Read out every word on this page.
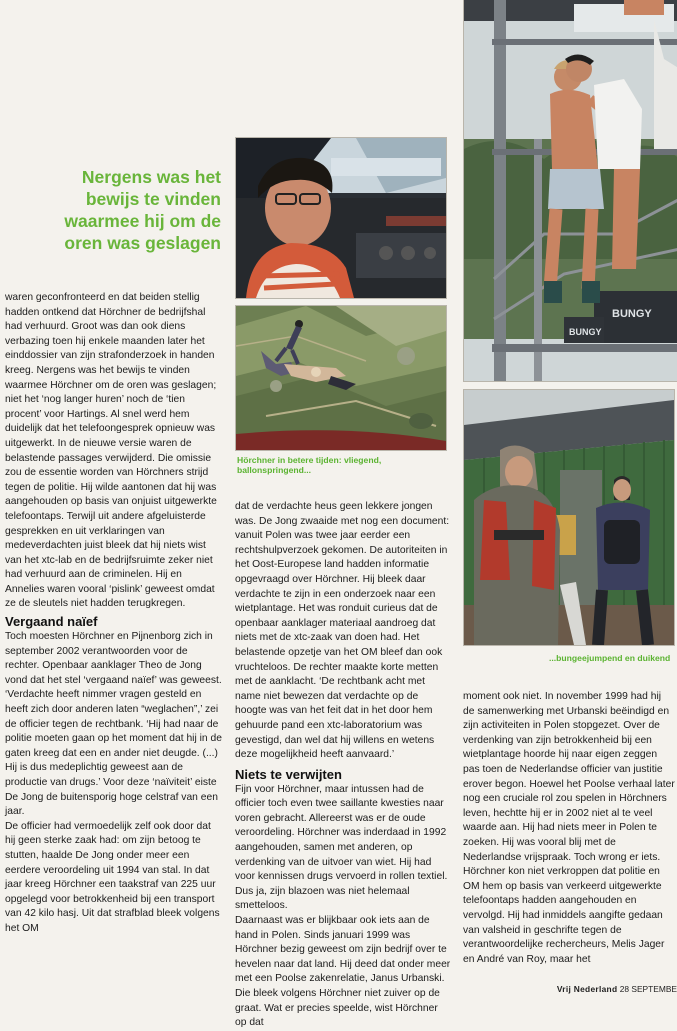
Nergens was het bewijs te vinden waarmee hij om de oren was geslagen
Hörchner in betere tijden: vliegend, ballonspringend...
BUNGY
BUNGY
...bungeejumpend en duikend

waren geconfronteerd en dat beiden stellig hadden ontkend dat Hörchner de bedrijfshal had verhuurd. Groot was dan ook diens verbazing toen hij enkele maanden later het einddossier van zijn strafonderzoek in handen kreeg. Nergens was het bewijs te vinden waarmee Hörchner om de oren was geslagen; niet het ‘nog langer huren’ noch de ‘tien procent’ voor Hartings. Al snel werd hem duidelijk dat het telefoongesprek opnieuw was uitgewerkt. In de nieuwe versie waren de belastende passages verwijderd. Die omissie zou de essentie worden van Hörchners strijd tegen de politie. Hij wilde aantonen dat hij was aangehouden op basis van onjuist uitgewerkte telefoontaps. Terwijl uit andere afgeluisterde gesprekken en uit verklaringen van medeverdachten juist bleek dat hij niets wist van het xtc-lab en de bedrijfsruimte zeker niet had verhuurd aan de criminelen. Hij en Annelies waren vooral ‘pislink’ geweest omdat ze de sleutels niet hadden terugkregen.

Vergaand naïef

Toch moesten Hörchner en Pijnenborg zich in september 2002 verantwoorden voor de rechter. Openbaar aanklager Theo de Jong vond dat het stel ‘vergaand naïef’ was geweest. ‘Verdachte heeft nimmer vragen gesteld en heeft zich door anderen laten “weglachen”,’ zei de officier tegen de rechtbank. ‘Hij had naar de politie moeten gaan op het moment dat hij in de gaten kreeg dat een en ander niet deugde. (...) Hij is dus medeplichtig geweest aan de productie van drugs.’ Voor deze ‘naïviteit’ eiste De Jong de buitensporig hoge celstraf van een jaar.

De officier had vermoedelijk zelf ook door dat hij geen sterke zaak had: om zijn betoog te stutten, haalde De Jong onder meer een eerdere veroordeling uit 1994 van stal. In dat jaar kreeg Hörchner een taakstraf van 225 uur opgelegd voor betrokkenheid bij een transport van 42 kilo hasj. Uit dat strafblad bleek volgens het OM

dat de verdachte heus geen lekkere jongen was. De Jong zwaaide met nog een document: vanuit Polen was twee jaar eerder een rechtshulpverzoek gekomen. De autoriteiten in het Oost-Europese land hadden informatie opgevraagd over Hörchner. Hij bleek daar verdachte te zijn in een onderzoek naar een wietplantage. Het was ronduit curieus dat de openbaar aanklager materiaal aandroeg dat niets met de xtc-zaak van doen had. Het belastende opzetje van het OM bleef dan ook vruchteloos. De rechter maakte korte metten met de aanklacht. ‘De rechtbank acht met name niet bewezen dat verdachte op de hoogte was van het feit dat in het door hem gehuurde pand een xtc-laboratorium was gevestigd, dan wel dat hij willens en wetens deze mogelijkheid heeft aanvaard.’

Niets te verwijten

Fijn voor Hörchner, maar intussen had de officier toch even twee saillante kwesties naar voren gebracht. Allereerst was er de oude veroordeling. Hörchner was inderdaad in 1992 aangehouden, samen met anderen, op verdenking van de uitvoer van wiet. Hij had voor kennissen drugs vervoerd in rollen textiel. Dus ja, zijn blazoen was niet helemaal smetteloos.

Daarnaast was er blijkbaar ook iets aan de hand in Polen. Sinds januari 1999 was Hörchner bezig geweest om zijn bedrijf over te hevelen naar dat land. Hij deed dat onder meer met een Poolse zakenrelatie, Janus Urbanski. Die bleek volgens Hörchner niet zuiver op de graat. Wat er precies speelde, wist Hörchner op dat

moment ook niet. In november 1999 had hij de samenwerking met Urbanski beëindigd en zijn activiteiten in Polen stopgezet. Over de verdenking van zijn betrokkenheid bij een wietplantage hoorde hij naar eigen zeggen pas toen de Nederlandse officier van justitie erover begon. Hoewel het Poolse verhaal later nog een cruciale rol zou spelen in Hörchners leven, hechtte hij er in 2002 niet al te veel waarde aan. Hij had niets meer in Polen te zoeken. Hij was vooral blij met de Nederlandse vrijspraak. Toch wrong er iets. Hörchner kon niet verkroppen dat politie en OM hem op basis van verkeerd uitgewerkte telefoontaps hadden aangehouden en vervolgd. Hij had inmiddels aangifte gedaan van valsheid in geschrifte tegen de verantwoordelijke rechercheurs, Melis Jager en André van Roy, maar het

Vrij Nederland 28 SEPTEMBE
